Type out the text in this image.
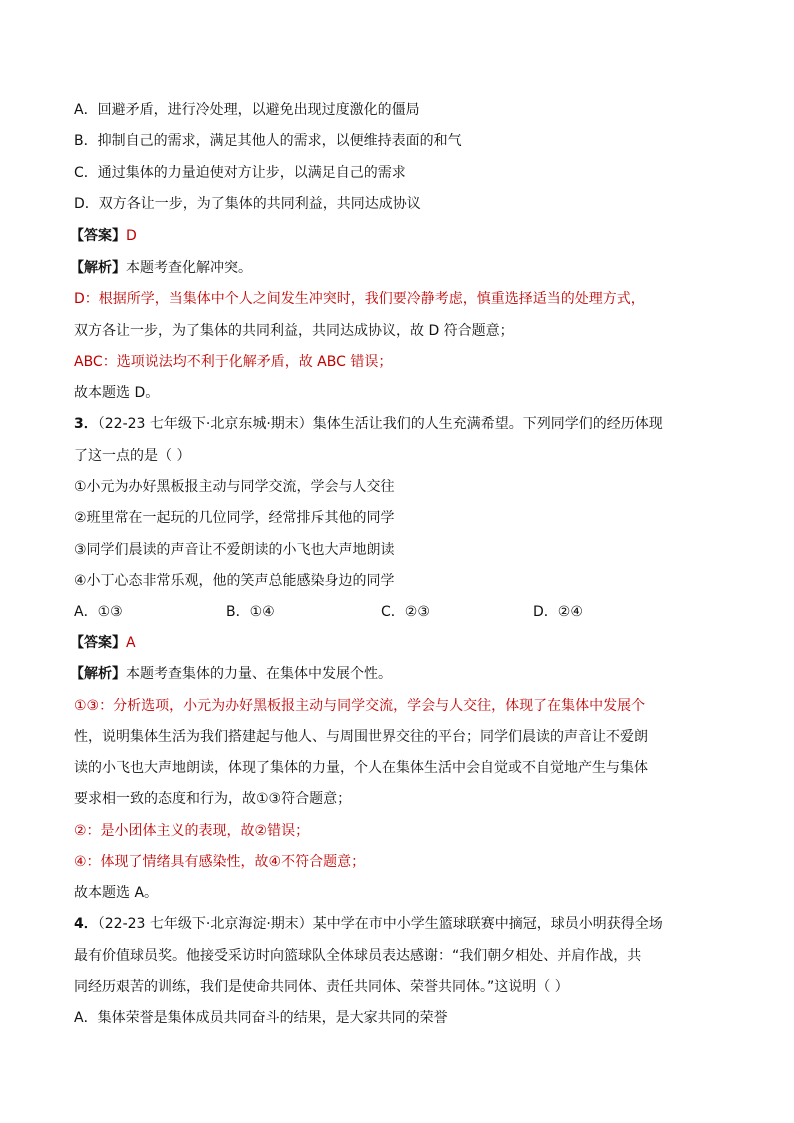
A．回避矛盾，进行冷处理，以避免出现过度激化的僵局
B．抑制自己的需求，满足其他人的需求，以便维持表面的和气
C．通过集体的力量迫使对方让步，以满足自己的需求
D．双方各让一步，为了集体的共同利益，共同达成协议
【答案】D
【解析】本题考查化解冲突。
D：根据所学，当集体中个人之间发生冲突时，我们要冷静考虑，慎重选择适当的处理方式，
双方各让一步，为了集体的共同利益，共同达成协议，故 D 符合题意；
ABC：选项说法均不利于化解矛盾，故 ABC 错误；
故本题选 D。
3．（22-23 七年级下·北京东城·期末）集体生活让我们的人生充满希望。下列同学们的经历体现
了这一点的是（ ）
①小元为办好黑板报主动与同学交流，学会与人交往
②班里常在一起玩的几位同学，经常排斥其他的同学
③同学们晨读的声音让不爱朗读的小飞也大声地朗读
④小丁心态非常乐观，他的笑声总能感染身边的同学
A．①③	B．①④	C．②③	D．②④
【答案】A
【解析】本题考查集体的力量、在集体中发展个性。
①③：分析选项，小元为办好黑板报主动与同学交流，学会与人交往，体现了在集体中发展个
性，说明集体生活为我们搭建起与他人、与周围世界交往的平台；同学们晨读的声音让不爱朗
读的小飞也大声地朗读，体现了集体的力量，个人在集体生活中会自觉或不自觉地产生与集体
要求相一致的态度和行为，故①③符合题意；
②：是小团体主义的表现，故②错误；
④：体现了情绪具有感染性，故④不符合题意；
故本题选 A。
4．（22-23 七年级下·北京海淀·期末）某中学在市中小学生篮球联赛中摘冠，球员小明获得全场
最有价值球员奖。他接受采访时向篮球队全体球员表达感谢：“我们朝夕相处、并肩作战，共
同经历艰苦的训练，我们是使命共同体、责任共同体、荣誉共同体。”这说明（ ）
A．集体荣誉是集体成员共同奋斗的结果，是大家共同的荣誉
